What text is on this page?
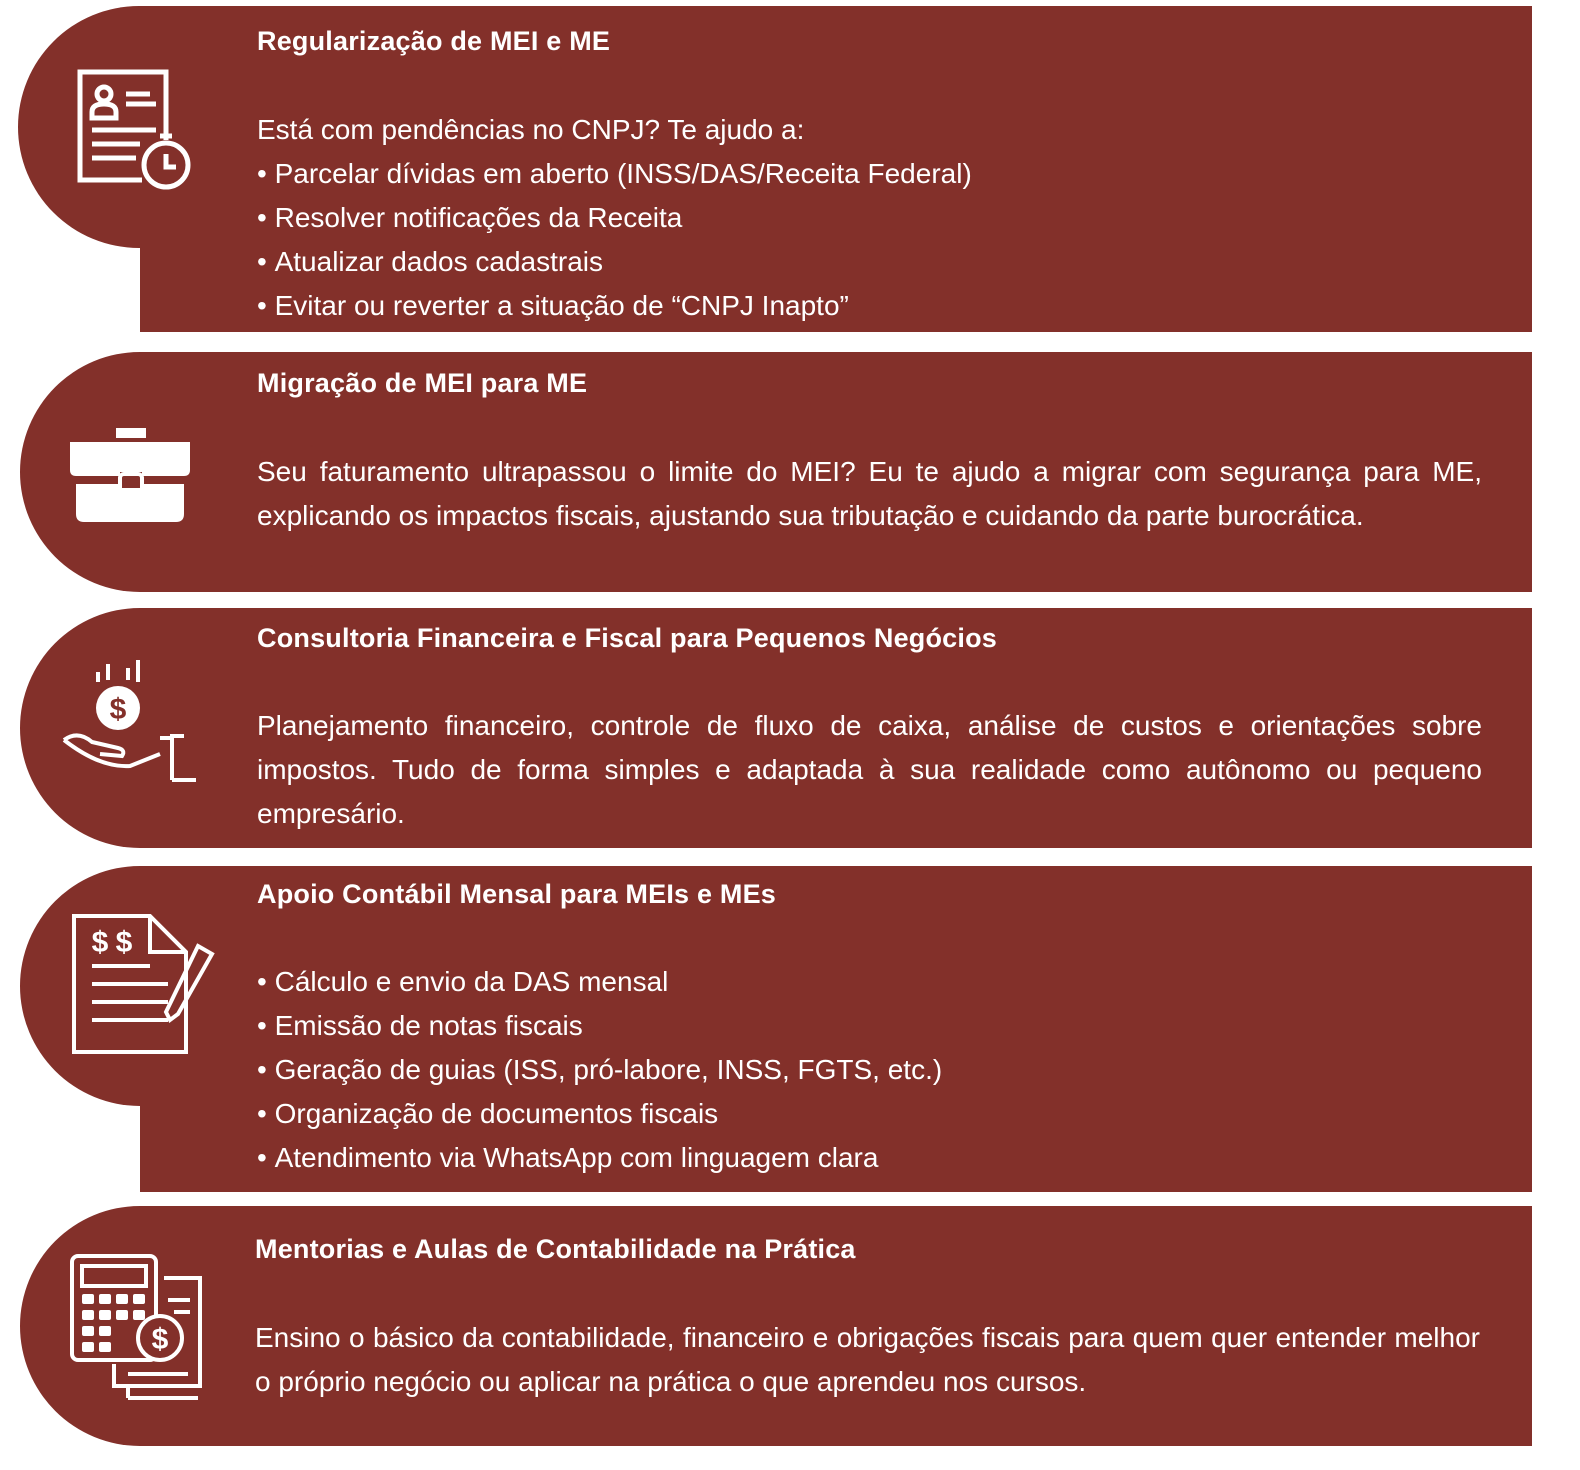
Regularização de MEI e ME

Está com pendências no CNPJ? Te ajudo a:

• Parcelar dívidas em aberto (INSS/DAS/Receita Federal)
• Resolver notificações da Receita
• Atualizar dados cadastrais
• Evitar ou reverter a situação de “CNPJ Inapto”
Migração de MEI para ME

Seu faturamento ultrapassou o limite do MEI? Eu te ajudo a migrar com segurança para ME, explicando os impactos fiscais, ajustando sua tributação e cuidando da parte burocrática.

$
Consultoria Financeira e Fiscal para Pequenos Negócios

Planejamento financeiro, controle de fluxo de caixa, análise de custos e orientações sobre impostos. Tudo de forma simples e adaptada à sua realidade como autônomo ou pequeno empresário.

$ $
Apoio Contábil Mensal para MEIs e MEs
• Cálculo e envio da DAS mensal
• Emissão de notas fiscais
• Geração de guias (ISS, pró-labore, INSS, FGTS, etc.)
• Organização de documentos fiscais
• Atendimento via WhatsApp com linguagem clara
$
Mentorias e Aulas de Contabilidade na Prática

Ensino o básico da contabilidade, financeiro e obrigações fiscais para quem quer entender melhor o próprio negócio ou aplicar na prática o que aprendeu nos cursos.
